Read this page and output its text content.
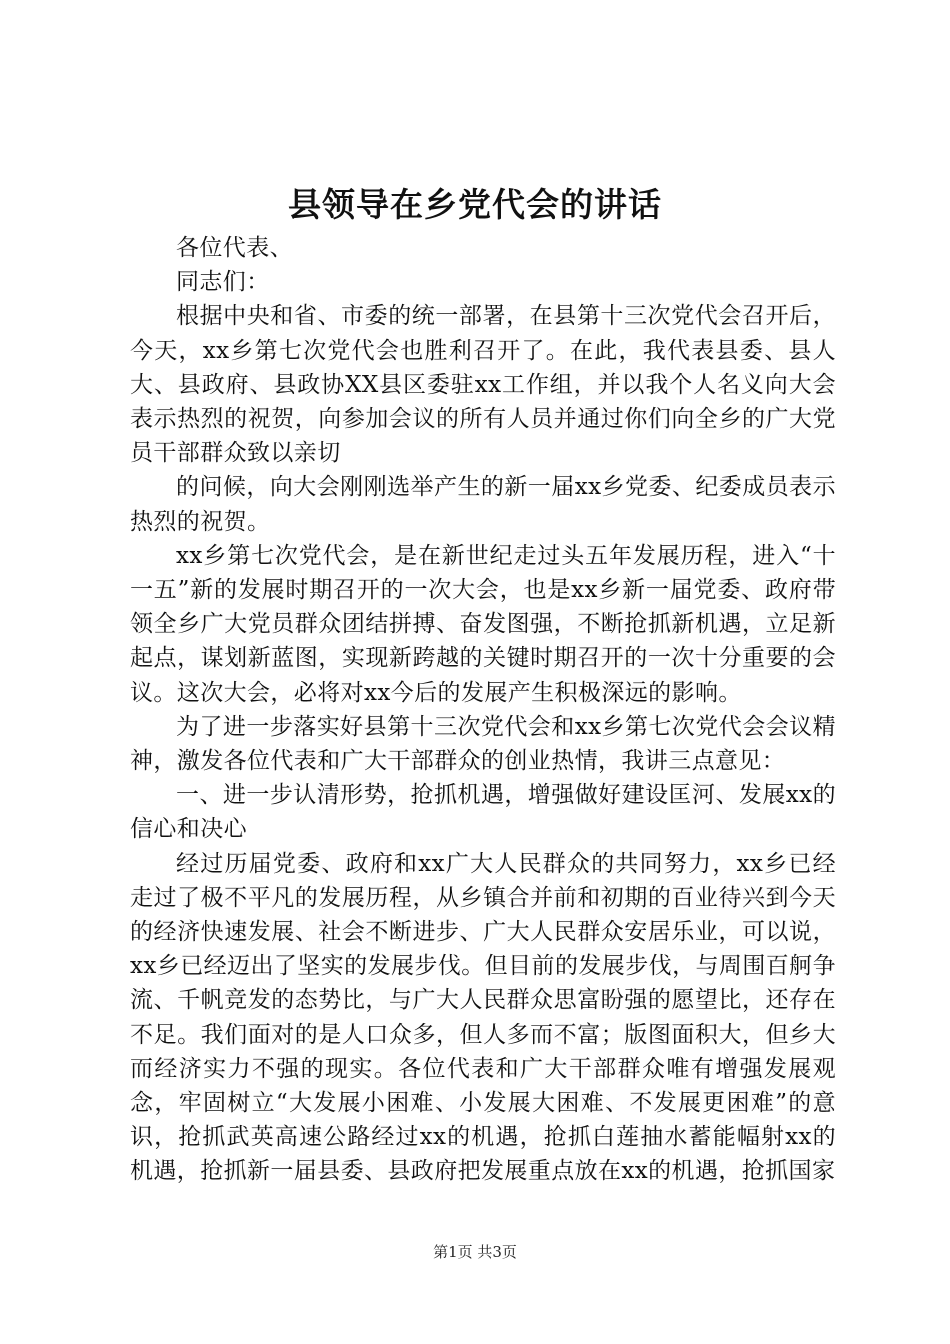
县领导在乡党代会的讲话

各位代表、

同志们：

根据中央和省、市委的统一部署，在县第十三次党代会召开后，今天，xx乡第七次党代会也胜利召开了。在此，我代表县委、县人大、县政府、县政协XX县区委驻xx工作组，并以我个人名义向大会表示热烈的祝贺，向参加会议的所有人员并通过你们向全乡的广大党员干部群众致以亲切

的问候，向大会刚刚选举产生的新一届xx乡党委、纪委成员表示热烈的祝贺。

xx乡第七次党代会，是在新世纪走过头五年发展历程，进入“十一五”新的发展时期召开的一次大会，也是xx乡新一届党委、政府带领全乡广大党员群众团结拼搏、奋发图强，不断抢抓新机遇，立足新起点，谋划新蓝图，实现新跨越的关键时期召开的一次十分重要的会议。这次大会，必将对xx今后的发展产生积极深远的影响。

为了进一步落实好县第十三次党代会和xx乡第七次党代会会议精神，激发各位代表和广大干部群众的创业热情，我讲三点意见：

一、进一步认清形势，抢抓机遇，增强做好建设匡河、发展xx的信心和决心

经过历届党委、政府和xx广大人民群众的共同努力，xx乡已经走过了极不平凡的发展历程，从乡镇合并前和初期的百业待兴到今天的经济快速发展、社会不断进步、广大人民群众安居乐业，可以说，xx乡已经迈出了坚实的发展步伐。但目前的发展步伐，与周围百舸争流、千帆竞发的态势比，与广大人民群众思富盼强的愿望比，还存在不足。我们面对的是人口众多，但人多而不富；版图面积大，但乡大而经济实力不强的现实。各位代表和广大干部群众唯有增强发展观念，牢固树立“大发展小困难、小发展大困难、不发展更困难”的意识，抢抓武英高速公路经过xx的机遇，抢抓白莲抽水蓄能幅射xx的机遇，抢抓新一届县委、县政府把发展重点放在xx的机遇，抢抓国家

第1页 共3页
